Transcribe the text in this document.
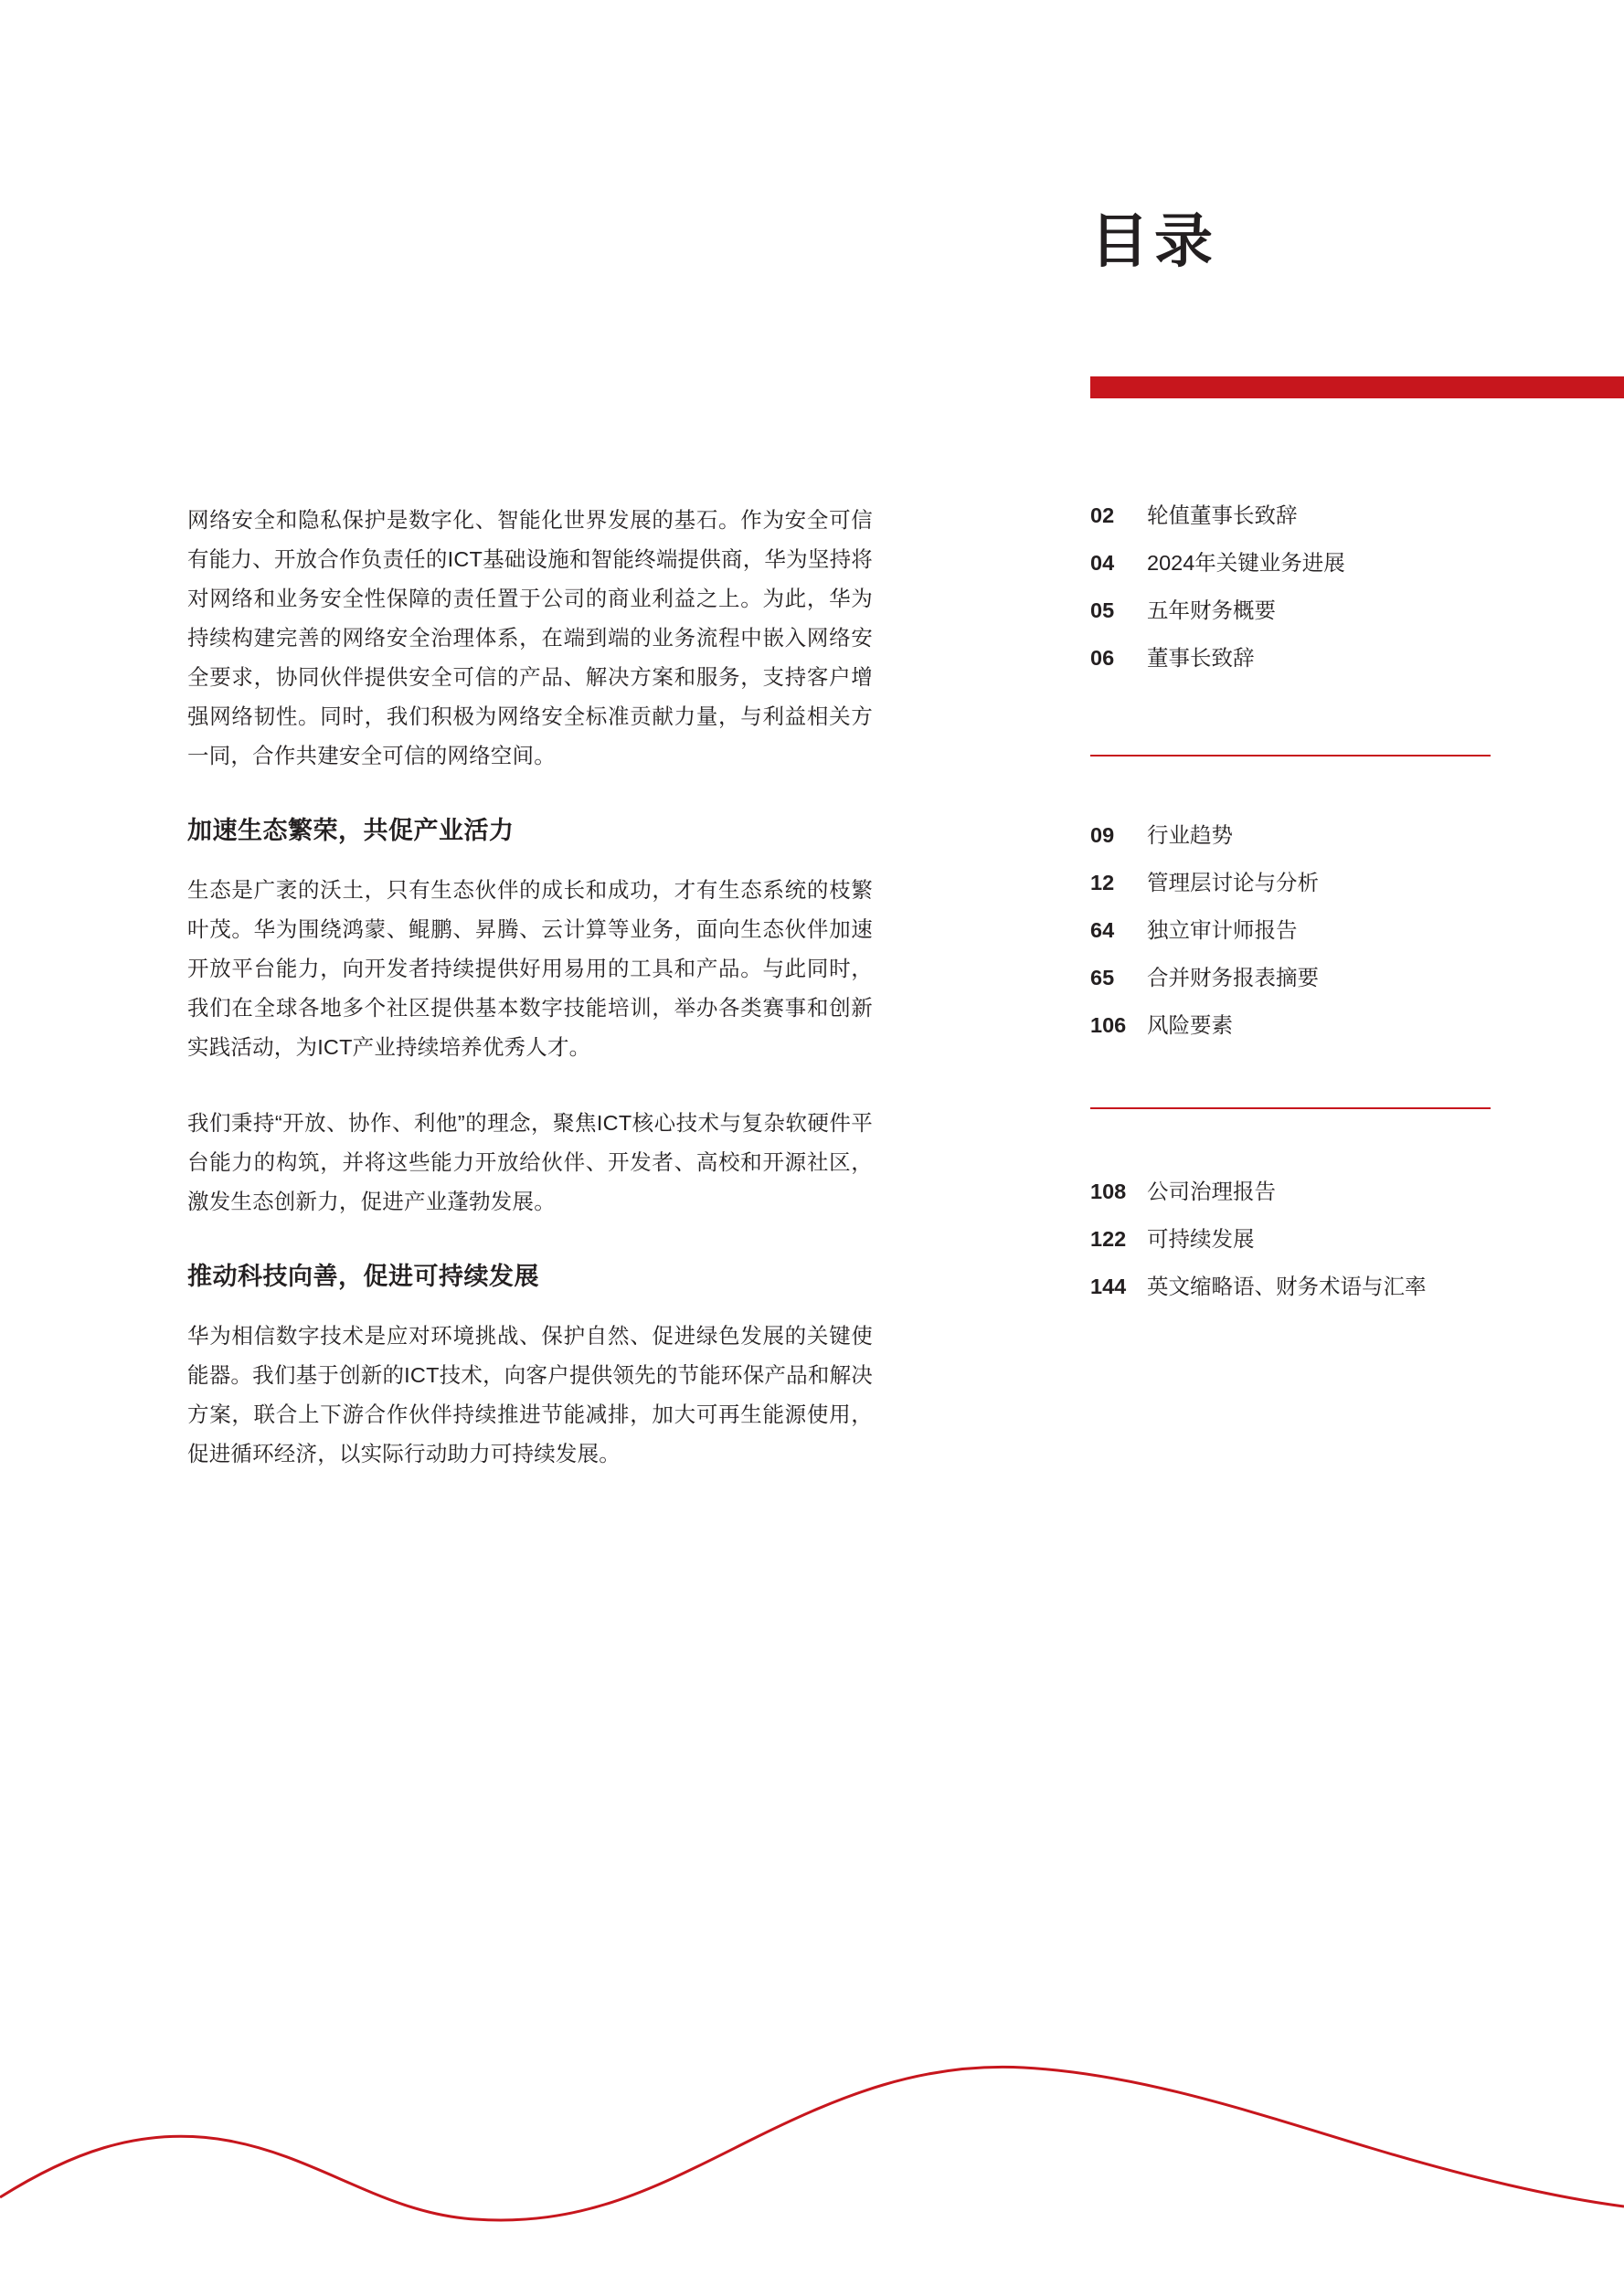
网络安全和隐私保护是数字化、智能化世界发展的基石。作为安全可信有能力、开放合作负责任的ICT基础设施和智能终端提供商，华为坚持将对网络和业务安全性保障的责任置于公司的商业利益之上。为此，华为持续构建完善的网络安全治理体系，在端到端的业务流程中嵌入网络安全要求，协同伙伴提供安全可信的产品、解决方案和服务，支持客户增强网络韧性。同时，我们积极为网络安全标准贡献力量，与利益相关方一同，合作共建安全可信的网络空间。

加速生态繁荣，共促产业活力

生态是广袤的沃土，只有生态伙伴的成长和成功，才有生态系统的枝繁叶茂。华为围绕鸿蒙、鲲鹏、昇腾、云计算等业务，面向生态伙伴加速开放平台能力，向开发者持续提供好用易用的工具和产品。与此同时，我们在全球各地多个社区提供基本数字技能培训，举办各类赛事和创新实践活动，为ICT产业持续培养优秀人才。

我们秉持“开放、协作、利他”的理念，聚焦ICT核心技术与复杂软硬件平台能力的构筑，并将这些能力开放给伙伴、开发者、高校和开源社区，激发生态创新力，促进产业蓬勃发展。

推动科技向善，促进可持续发展

华为相信数字技术是应对环境挑战、保护自然、促进绿色发展的关键使能器。我们基于创新的ICT技术，向客户提供领先的节能环保产品和解决方案，联合上下游合作伙伴持续推进节能减排，加大可再生能源使用，促进循环经济，以实际行动助力可持续发展。

目录
02	轮值董事长致辞
04	2024年关键业务进展
05	五年财务概要
06	董事长致辞
09	行业趋势
12	管理层讨论与分析
64	独立审计师报告
65	合并财务报表摘要
106 风险要素
108 公司治理报告
122 可持续发展
144 英文缩略语、财务术语与汇率
